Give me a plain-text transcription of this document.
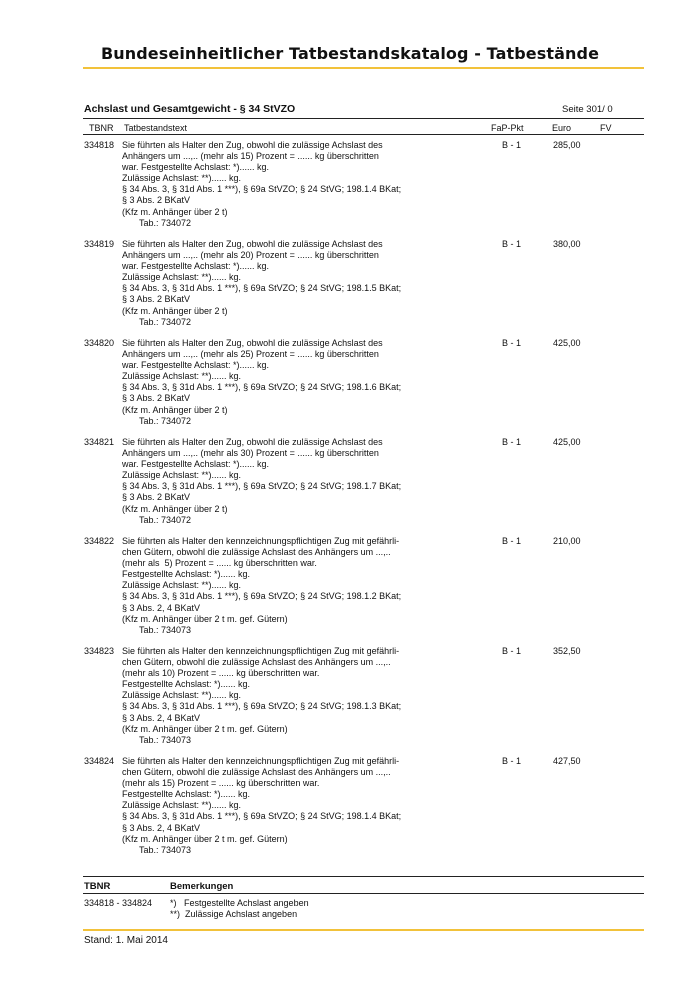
Bundeseinheitlicher Tatbestandskatalog - Tatbestände
Achslast und Gesamtgewicht - § 34 StVZO	Seite 301/ 0
TBNR Tatbestandstext	FaP-Pkt	Euro	FV
334818 Sie führten als Halter den Zug, obwohl die zulässige Achslast des
Anhängers um ...,.. (mehr als 15) Prozent = ...... kg überschritten
war. Festgestellte Achslast: *)...... kg.
Zulässige Achslast: **)...... kg.
§ 34 Abs. 3, § 31d Abs. 1 ***), § 69a StVZO; § 24 StVG; 198.1.4 BKat;
§ 3 Abs. 2 BKatV
(Kfz m. Anhänger über 2 t)
Tab.: 734072
B - 1	285,00
334819 Sie führten als Halter den Zug, obwohl die zulässige Achslast des
Anhängers um ...,.. (mehr als 20) Prozent = ...... kg überschritten
war. Festgestellte Achslast: *)...... kg.
Zulässige Achslast: **)...... kg.
§ 34 Abs. 3, § 31d Abs. 1 ***), § 69a StVZO; § 24 StVG; 198.1.5 BKat;
§ 3 Abs. 2 BKatV
(Kfz m. Anhänger über 2 t)
Tab.: 734072
B - 1	380,00
334820 Sie führten als Halter den Zug, obwohl die zulässige Achslast des
Anhängers um ...,.. (mehr als 25) Prozent = ...... kg überschritten
war. Festgestellte Achslast: *)...... kg.
Zulässige Achslast: **)...... kg.
§ 34 Abs. 3, § 31d Abs. 1 ***), § 69a StVZO; § 24 StVG; 198.1.6 BKat;
§ 3 Abs. 2 BKatV
(Kfz m. Anhänger über 2 t)
Tab.: 734072
B - 1	425,00
334821 Sie führten als Halter den Zug, obwohl die zulässige Achslast des
Anhängers um ...,.. (mehr als 30) Prozent = ...... kg überschritten
war. Festgestellte Achslast: *)...... kg.
Zulässige Achslast: **)...... kg.
§ 34 Abs. 3, § 31d Abs. 1 ***), § 69a StVZO; § 24 StVG; 198.1.7 BKat;
§ 3 Abs. 2 BKatV
(Kfz m. Anhänger über 2 t)
Tab.: 734072
B - 1	425,00
334822 Sie führten als Halter den kennzeichnungspflichtigen Zug mit gefährli-
chen Gütern, obwohl die zulässige Achslast des Anhängers um ...,..
(mehr als  5) Prozent = ...... kg überschritten war.
Festgestellte Achslast: *)...... kg.
Zulässige Achslast: **)...... kg.
§ 34 Abs. 3, § 31d Abs. 1 ***), § 69a StVZO; § 24 StVG; 198.1.2 BKat;
§ 3 Abs. 2, 4 BKatV
(Kfz m. Anhänger über 2 t m. gef. Gütern)
Tab.: 734073
B - 1	210,00
334823 Sie führten als Halter den kennzeichnungspflichtigen Zug mit gefährli-
chen Gütern, obwohl die zulässige Achslast des Anhängers um ...,..
(mehr als 10) Prozent = ...... kg überschritten war.
Festgestellte Achslast: *)...... kg.
Zulässige Achslast: **)...... kg.
§ 34 Abs. 3, § 31d Abs. 1 ***), § 69a StVZO; § 24 StVG; 198.1.3 BKat;
§ 3 Abs. 2, 4 BKatV
(Kfz m. Anhänger über 2 t m. gef. Gütern)
Tab.: 734073
B - 1	352,50
334824 Sie führten als Halter den kennzeichnungspflichtigen Zug mit gefährli-
chen Gütern, obwohl die zulässige Achslast des Anhängers um ...,..
(mehr als 15) Prozent = ...... kg überschritten war.
Festgestellte Achslast: *)...... kg.
Zulässige Achslast: **)...... kg.
§ 34 Abs. 3, § 31d Abs. 1 ***), § 69a StVZO; § 24 StVG; 198.1.4 BKat;
§ 3 Abs. 2, 4 BKatV
(Kfz m. Anhänger über 2 t m. gef. Gütern)
Tab.: 734073
B - 1	427,50
TBNR	Bemerkungen
334818 - 334824 *)   Festgestellte Achslast angeben
**)  Zulässige Achslast angeben
Stand: 1. Mai 2014
